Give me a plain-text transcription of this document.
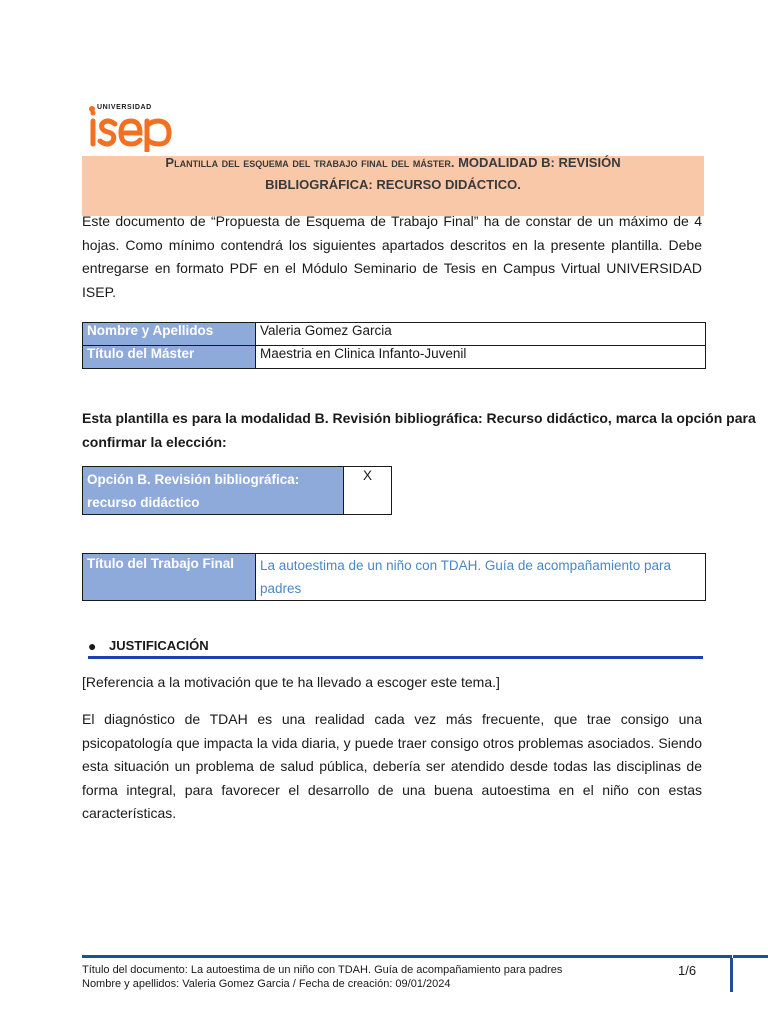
UNIVERSIDAD
Plantilla del esquema del trabajo final del máster. MODALIDAD B: REVISIÓN
BIBLIOGRÁFICA: RECURSO DIDÁCTICO.
Este documento de “Propuesta de Esquema de Trabajo Final” ha de constar de un máximo de 4 hojas. Como mínimo contendrá los siguientes apartados descritos en la presente plantilla. Debe entregarse en formato PDF en el Módulo Seminario de Tesis en Campus Virtual UNIVERSIDAD ISEP.
Nombre y Apellidos	Valeria Gomez Garcia
Título del Máster	Maestria en Clinica Infanto-Juvenil
Esta plantilla es para la modalidad B. Revisión bibliográfica: Recurso didáctico, marca la opción para confirmar la elección:
Opción B. Revisión bibliográfica: recurso didáctico	X
Título del Trabajo Final	La autoestima de un niño con TDAH. Guía de acompañamiento para padres
● JUSTIFICACIÓN
[Referencia a la motivación que te ha llevado a escoger este tema.]
El diagnóstico de TDAH es una realidad cada vez más frecuente, que trae consigo una psicopatología que impacta la vida diaria, y puede traer consigo otros problemas asociados. Siendo esta situación un problema de salud pública, debería ser atendido desde todas las disciplinas de forma integral, para favorecer el desarrollo de una buena autoestima en el niño con estas características.
Título del documento: La autoestima de un niño con TDAH. Guía de acompañamiento para padres
Nombre y apellidos: Valeria Gomez Garcia / Fecha de creación: 09/01/2024
1/6
